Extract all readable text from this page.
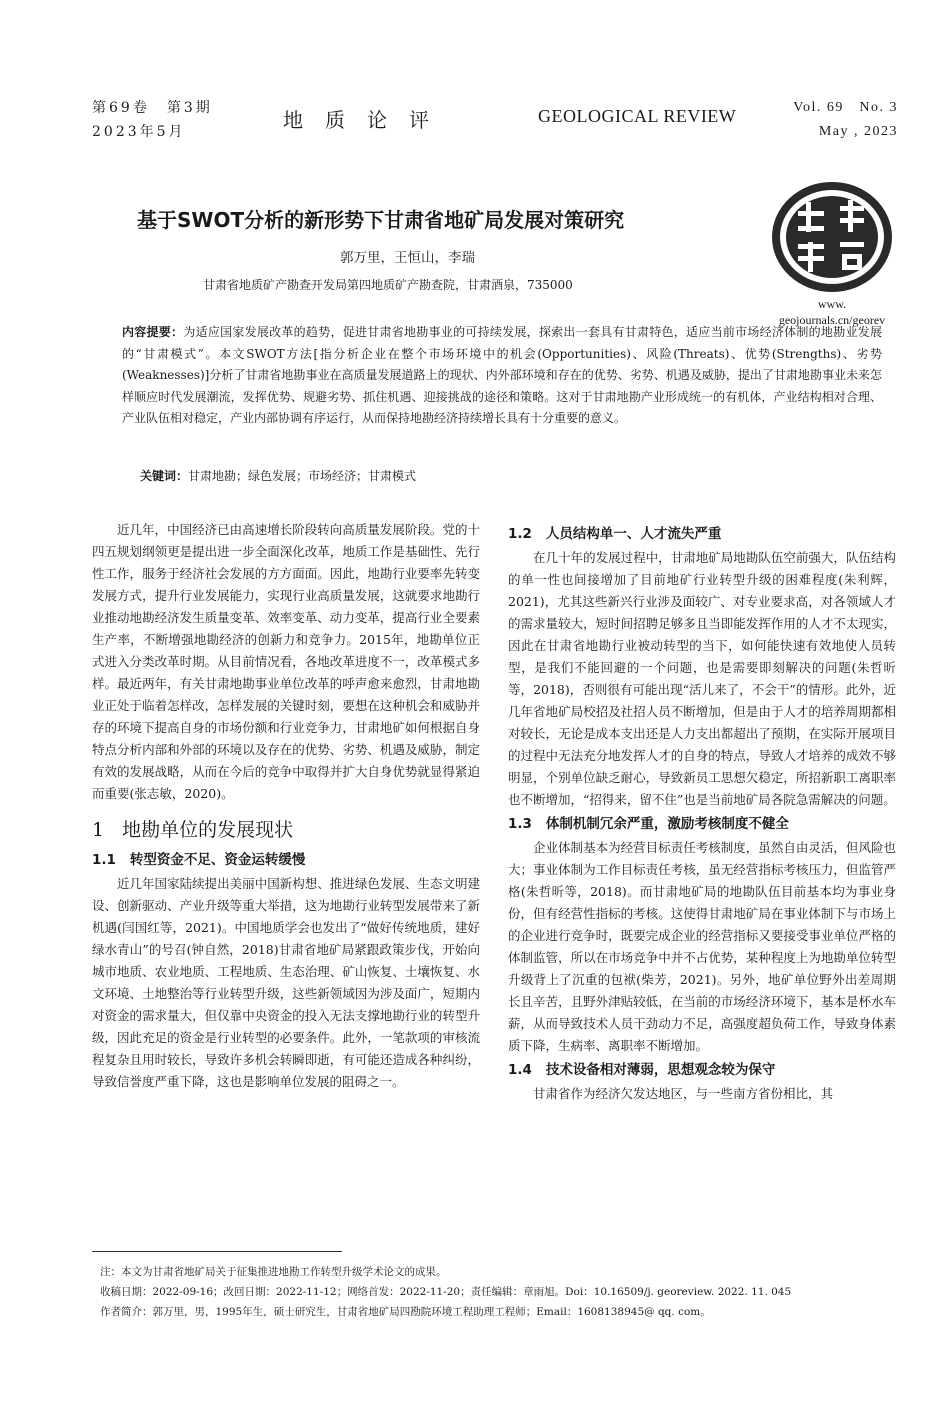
第69卷　第3期
2023年5月	地质论评	GEOLOGICAL REVIEW	Vol. 69　No. 3
May , 2023
www.
geojournals.cn/georev
基于SWOT分析的新形势下甘肃省地矿局发展对策研究
郭万里，王恒山，李瑞
甘肃省地质矿产勘查开发局第四地质矿产勘查院，甘肃酒泉，735000
内容提要：为适应国家发展改革的趋势，促进甘肃省地勘事业的可持续发展，探索出一套具有甘肃特色，适应当前市场经济体制的地勘业发展的“甘肃模式”。本文SWOT方法[指分析企业在整个市场环境中的机会(Opportunities)、风险(Threats)、优势(Strengths)、劣势(Weaknesses)]分析了甘肃省地勘事业在高质量发展道路上的现状、内外部环境和存在的优势、劣势、机遇及威胁，提出了甘肃地勘事业未来怎样顺应时代发展潮流，发挥优势、规避劣势、抓住机遇、迎接挑战的途径和策略。这对于甘肃地勘产业形成统一的有机体，产业结构相对合理、产业队伍相对稳定，产业内部协调有序运行，从而保持地勘经济持续增长具有十分重要的意义。
关键词：甘肃地勘；绿色发展；市场经济；甘肃模式

近几年，中国经济已由高速增长阶段转向高质量发展阶段。党的十四五规划纲领更是提出进一步全面深化改革，地质工作是基础性、先行性工作，服务于经济社会发展的方方面面。因此，地勘行业要率先转变发展方式，提升行业发展能力，实现行业高质量发展，这就要求地勘行业推动地勘经济发生质量变革、效率变革、动力变革，提高行业全要素生产率，不断增强地勘经济的创新力和竞争力。2015年，地勘单位正式进入分类改革时期。从目前情况看，各地改革进度不一，改革模式多样。最近两年，有关甘肃地勘事业单位改革的呼声愈来愈烈，甘肃地勘业正处于临着怎样改，怎样发展的关键时刻，要想在这种机会和威胁并存的环境下提高自身的市场份额和行业竞争力，甘肃地矿如何根据自身特点分析内部和外部的环境以及存在的优势、劣势、机遇及威胁，制定有效的发展战略，从而在今后的竞争中取得并扩大自身优势就显得紧迫而重要(张志敏，2020)。

1 地勘单位的发展现状
1.1 转型资金不足、资金运转缓慢

近几年国家陆续提出美丽中国新构想、推进绿色发展、生态文明建设、创新驱动、产业升级等重大举措，这为地勘行业转型发展带来了新机遇(闫国红等，2021)。中国地质学会也发出了“做好传统地质，建好绿水青山”的号召(钟自然，2018)甘肃省地矿局紧跟政策步伐，开始向城市地质、农业地质、工程地质、生态治理、矿山恢复、土壤恢复、水文环境、土地整治等行业转型升级，这些新领域因为涉及面广，短期内对资金的需求量大，但仅靠中央资金的投入无法支撑地勘行业的转型升级，因此充足的资金是行业转型的必要条件。此外，一笔款项的审核流程复杂且用时较长，导致许多机会转瞬即逝，有可能还造成各种纠纷，导致信誉度严重下降，这也是影响单位发展的阻碍之一。

1.2 人员结构单一、人才流失严重

在几十年的发展过程中，甘肃地矿局地勘队伍空前强大，队伍结构的单一性也间接增加了目前地矿行业转型升级的困难程度(朱利辉，2021)，尤其这些新兴行业涉及面较广、对专业要求高，对各领域人才的需求量较大，短时间招聘足够多且当即能发挥作用的人才不太现实，因此在甘肃省地勘行业被动转型的当下，如何能快速有效地使人员转型，是我们不能回避的一个问题，也是需要即刻解决的问题(朱哲昕等，2018)，否则很有可能出现“活儿来了，不会干”的情形。此外，近几年省地矿局校招及社招人员不断增加，但是由于人才的培养周期都相对较长，无论是成本支出还是人力支出都超出了预期，在实际开展项目的过程中无法充分地发挥人才的自身的特点，导致人才培养的成效不够明显，个别单位缺乏耐心，导致新员工思想欠稳定，所招新职工离职率也不断增加，“招得来，留不住”也是当前地矿局各院急需解决的问题。

1.3 体制机制冗余严重，激励考核制度不健全

企业体制基本为经营目标责任考核制度，虽然自由灵活，但风险也大；事业体制为工作目标责任考核，虽无经营指标考核压力，但监管严格(朱哲昕等，2018)。而甘肃地矿局的地勘队伍目前基本均为事业身份，但有经营性指标的考核。这使得甘肃地矿局在事业体制下与市场上的企业进行竞争时，既要完成企业的经营指标又要接受事业单位严格的体制监管，所以在市场竞争中并不占优势，某种程度上为地勘单位转型升级背上了沉重的包袱(柴芳，2021)。另外，地矿单位野外出差周期长且辛苦，且野外津贴较低，在当前的市场经济环境下，基本是杯水车薪，从而导致技术人员干劲动力不足，高强度超负荷工作，导致身体素质下降，生病率、离职率不断增加。

1.4 技术设备相对薄弱，思想观念较为保守

甘肃省作为经济欠发达地区，与一些南方省份相比，其

注：本文为甘肃省地矿局关于征集推进地勘工作转型升级学术论文的成果。
收稿日期：2022-09-16；改回日期：2022-11-12；网络首发：2022-11-20；责任编辑：章雨旭。Doi：10.16509/j. georeview. 2022. 11. 045
作者简介：郭万里，男，1995年生，硕士研究生，甘肃省地矿局四勘院环境工程助理工程师；Email：1608138945@ qq. com。
